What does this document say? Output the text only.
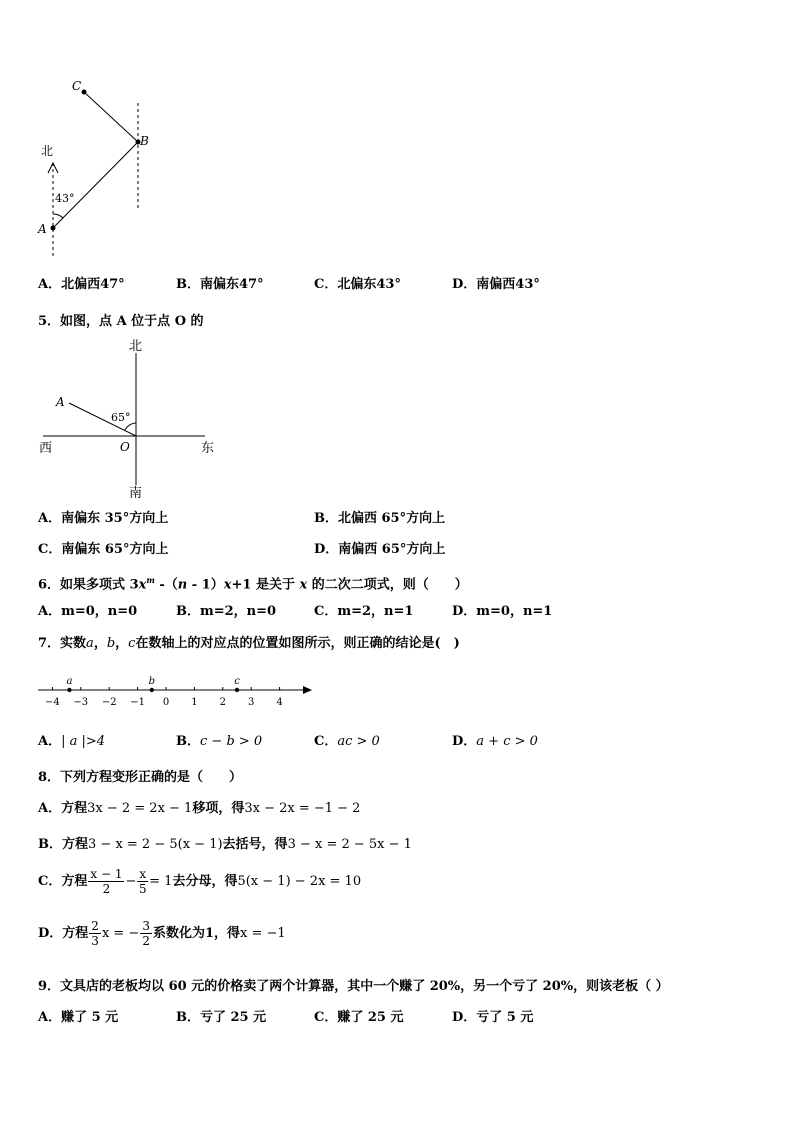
C
B
A
北
43°
A．北偏西47°	B．南偏东47°	C．北偏东43°	D．南偏西43°
5．如图，点 A 位于点 O 的
北
南
西	东
A
O
65°
A．南偏东 35°方向上	B．北偏西 65°方向上
C．南偏东 65°方向上	D．南偏西 65°方向上
6．如果多项式 $3x^m$ -（n - 1）x+1 是关于 x 的二次二项式，则（　　）
A．m=0，n=0	B．m=2，n=0	C．m=2，n=1	D．m=0，n=1
7．实数a，b，c在数轴上的对应点的位置如图所示，则正确的结论是(　)
−4 −3 −2 −1 0 1 2 3 4
a	b	c
A．| a |>4	B．c − b > 0	C．ac > 0	D．a + c > 0
8．下列方程变形正确的是（　　）
A．方程3x − 2 = 2x − 1移项，得3x − 2x = −1 − 2
B．方程3 − x = 2 − 5(x − 1)去括号，得3 − x = 2 − 5x − 1
C．方程 $\frac{x - 1}{2} - \frac{x}{5} = 1$去分母，得5(x − 1) − 2x = 10
D．方程 $\frac{2}{3}$ x = − $\frac{3}{2}$ 系数化为1，得x = −1
9．文具店的老板均以 60 元的价格卖了两个计算器，其中一个赚了 20%，另一个亏了 20%，则该老板（ ）
A．赚了 5 元	B．亏了 25 元	C．赚了 25 元	D．亏了 5 元
